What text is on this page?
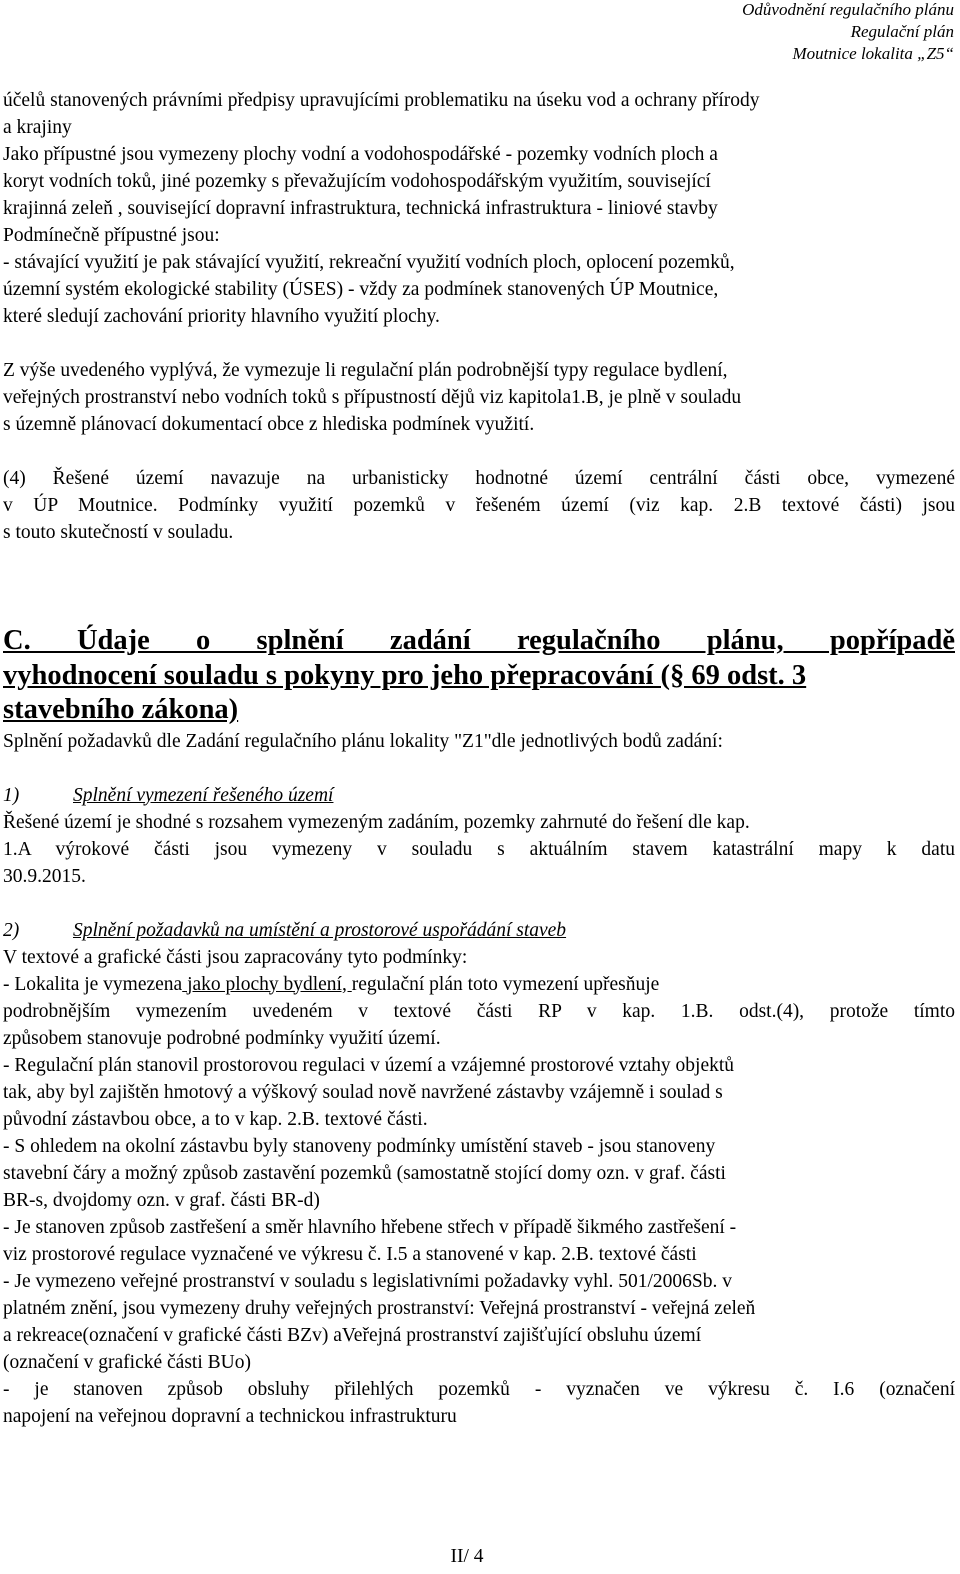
Odůvodnění regulačního plánu
Regulační plán
Moutnice lokalita „Z5“
účelů stanovených právními předpisy upravujícími problematiku na úseku vod a ochrany přírody
a krajiny
Jako přípustné jsou vymezeny plochy vodní a vodohospodářské - pozemky vodních ploch a
koryt vodních toků, jiné pozemky s převažujícím vodohospodářským využitím, související
krajinná zeleň , související dopravní infrastruktura, technická infrastruktura - liniové stavby
Podmínečně přípustné jsou:
- stávající využití je pak stávající využití, rekreační využití vodních ploch, oplocení pozemků,
územní systém ekologické stability (ÚSES) - vždy za podmínek stanovených ÚP Moutnice,
které sledují zachování priority hlavního využití plochy.
Z výše uvedeného vyplývá, že vymezuje li regulační plán podrobnější typy regulace bydlení,
veřejných prostranství nebo vodních toků s přípustností dějů viz kapitola1.B, je plně v souladu
s územně plánovací dokumentací obce z hlediska podmínek využití.
(4) Řešené území navazuje na urbanisticky hodnotné území centrální části obce, vymezené
v ÚP Moutnice. Podmínky využití pozemků v řešeném území (viz kap. 2.B textové části) jsou
s touto skutečností v souladu.
C. Údaje o splnění zadání regulačního plánu, popřípadě
vyhodnocení souladu s pokyny pro jeho přepracování (§ 69 odst. 3
stavebního zákona)
Splnění požadavků dle Zadání regulačního plánu lokality "Z1"dle jednotlivých bodů zadání:
1)	Splnění vymezení řešeného území
Řešené území je shodné s rozsahem vymezeným zadáním, pozemky zahrnuté do řešení dle kap.
1.A výrokové části jsou vymezeny v souladu s aktuálním stavem katastrální mapy k datu
30.9.2015.
2)	Splnění požadavků na umístění a prostorové uspořádání staveb
V textové a grafické části jsou zapracovány tyto podmínky:
- Lokalita je vymezena jako plochy bydlení, regulační plán toto vymezení upřesňuje
podrobnějším vymezením uvedeném v textové části RP v kap. 1.B. odst.(4), protože tímto
způsobem stanovuje podrobné podmínky využití území.
- Regulační plán stanovil prostorovou regulaci v území a vzájemné prostorové vztahy objektů
tak, aby byl zajištěn hmotový a výškový soulad nově navržené zástavby vzájemně i soulad s
původní zástavbou obce, a to v kap. 2.B. textové části.
- S ohledem na okolní zástavbu byly stanoveny podmínky umístění staveb - jsou stanoveny
stavební čáry a možný způsob zastavění pozemků (samostatně stojící domy ozn. v graf. části
BR-s, dvojdomy ozn. v graf. části BR-d)
- Je stanoven způsob zastřešení a směr hlavního hřebene střech v případě šikmého zastřešení -
viz prostorové regulace vyznačené ve výkresu č. I.5 a stanovené v kap. 2.B. textové části
- Je vymezeno veřejné prostranství v souladu s legislativními požadavky vyhl. 501/2006Sb. v
platném znění, jsou vymezeny druhy veřejných prostranství: Veřejná prostranství - veřejná zeleň
a rekreace(označení v grafické části BZv) aVeřejná prostranství zajišťující obsluhu území
(označení v grafické části BUo)
- je stanoven způsob obsluhy přilehlých pozemků - vyznačen ve výkresu č. I.6 (označení
napojení na veřejnou dopravní a technickou infrastrukturu
II/ 4
